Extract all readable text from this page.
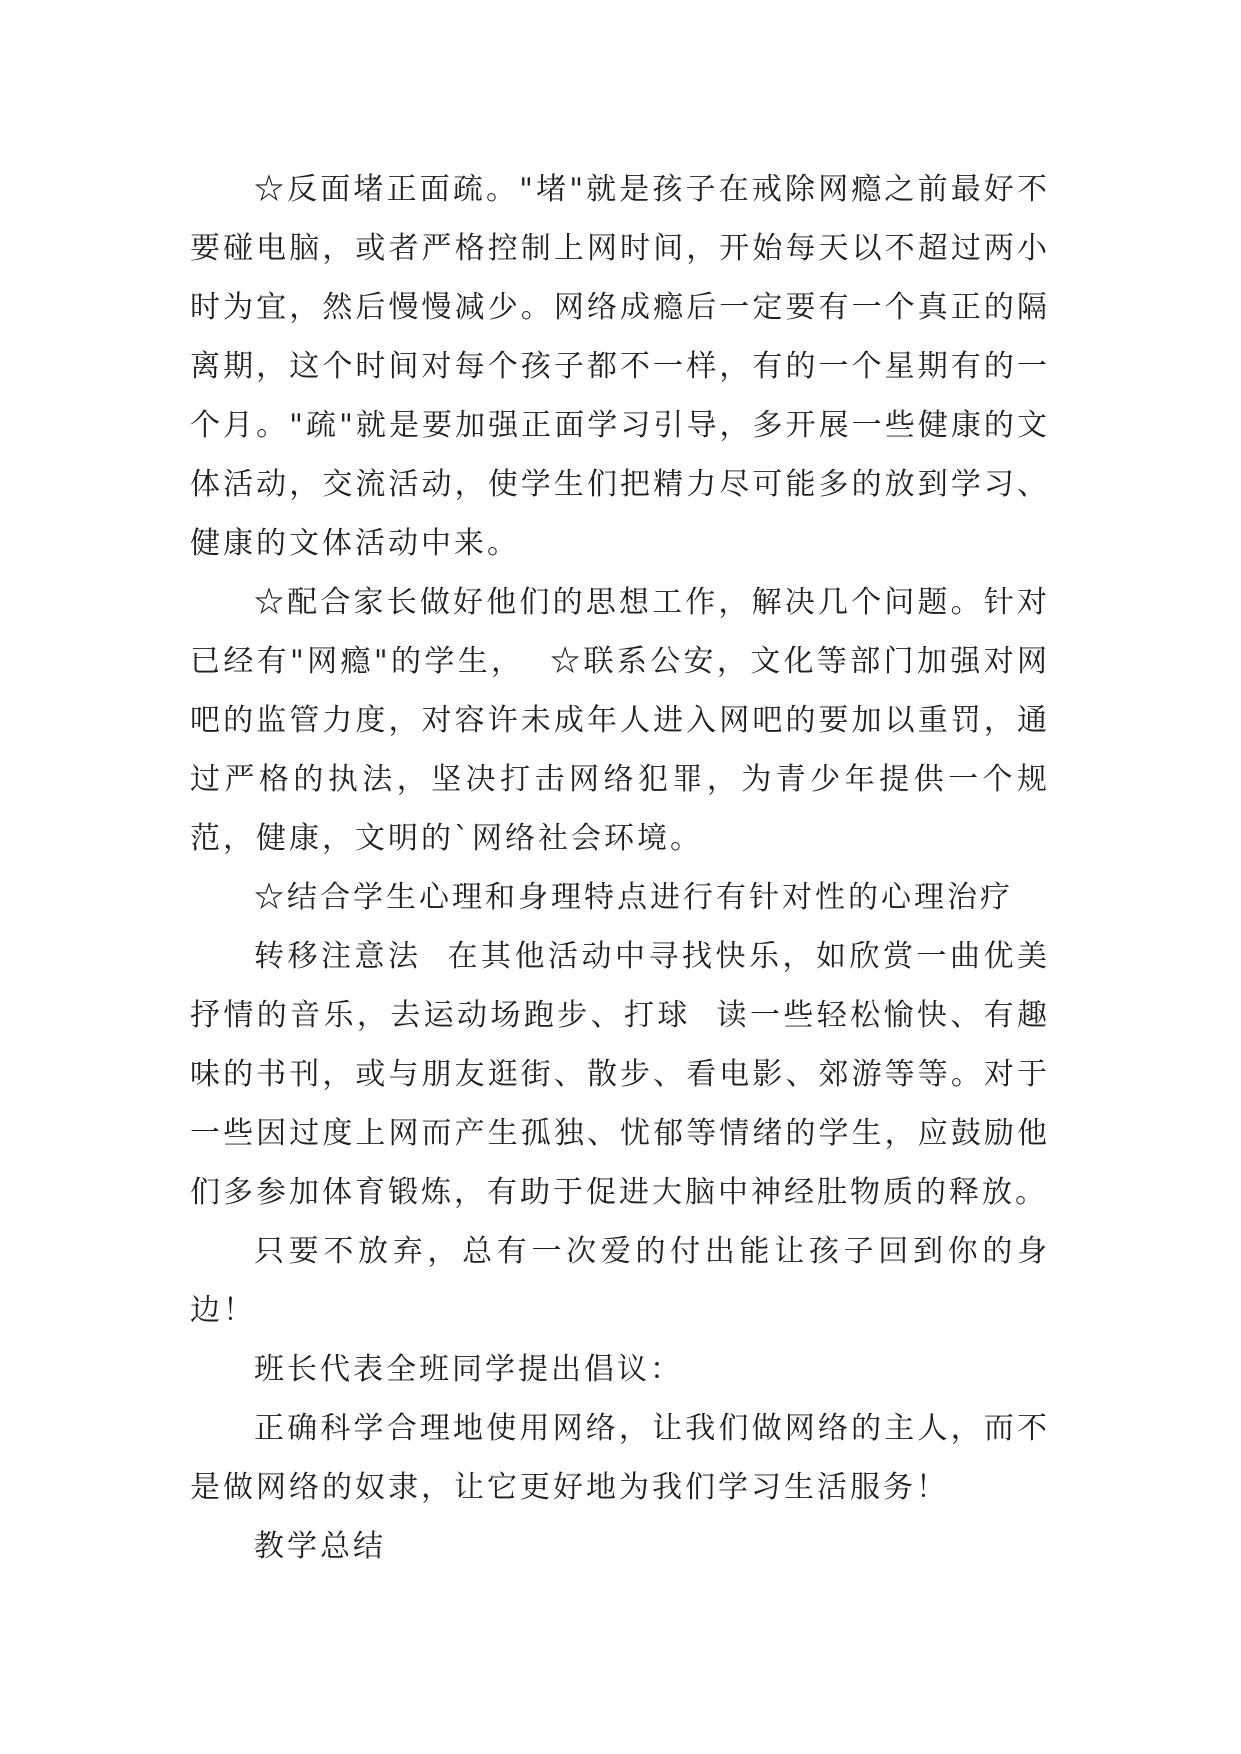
☆反面堵正面疏。"堵"就是孩子在戒除网瘾之前最好不要碰电脑，或者严格控制上网时间，开始每天以不超过两小时为宜，然后慢慢减少。网络成瘾后一定要有一个真正的隔离期，这个时间对每个孩子都不一样，有的一个星期有的一个月。"疏"就是要加强正面学习引导，多开展一些健康的文体活动，交流活动，使学生们把精力尽可能多的放到学习、健康的文体活动中来。

☆配合家长做好他们的思想工作，解决几个问题。针对已经有"网瘾"的学生，  ☆联系公安，文化等部门加强对网吧的监管力度，对容许未成年人进入网吧的要加以重罚，通过严格的执法，坚决打击网络犯罪，为青少年提供一个规范，健康，文明的`网络社会环境。

☆结合学生心理和身理特点进行有针对性的心理治疗

转移注意法  在其他活动中寻找快乐，如欣赏一曲优美抒情的音乐，去运动场跑步、打球  读一些轻松愉快、有趣味的书刊，或与朋友逛街、散步、看电影、郊游等等。对于一些因过度上网而产生孤独、忧郁等情绪的学生，应鼓励他们多参加体育锻炼，有助于促进大脑中神经肚物质的释放。

只要不放弃，总有一次爱的付出能让孩子回到你的身边！

班长代表全班同学提出倡议：

正确科学合理地使用网络，让我们做网络的主人，而不是做网络的奴隶，让它更好地为我们学习生活服务！

教学总结
